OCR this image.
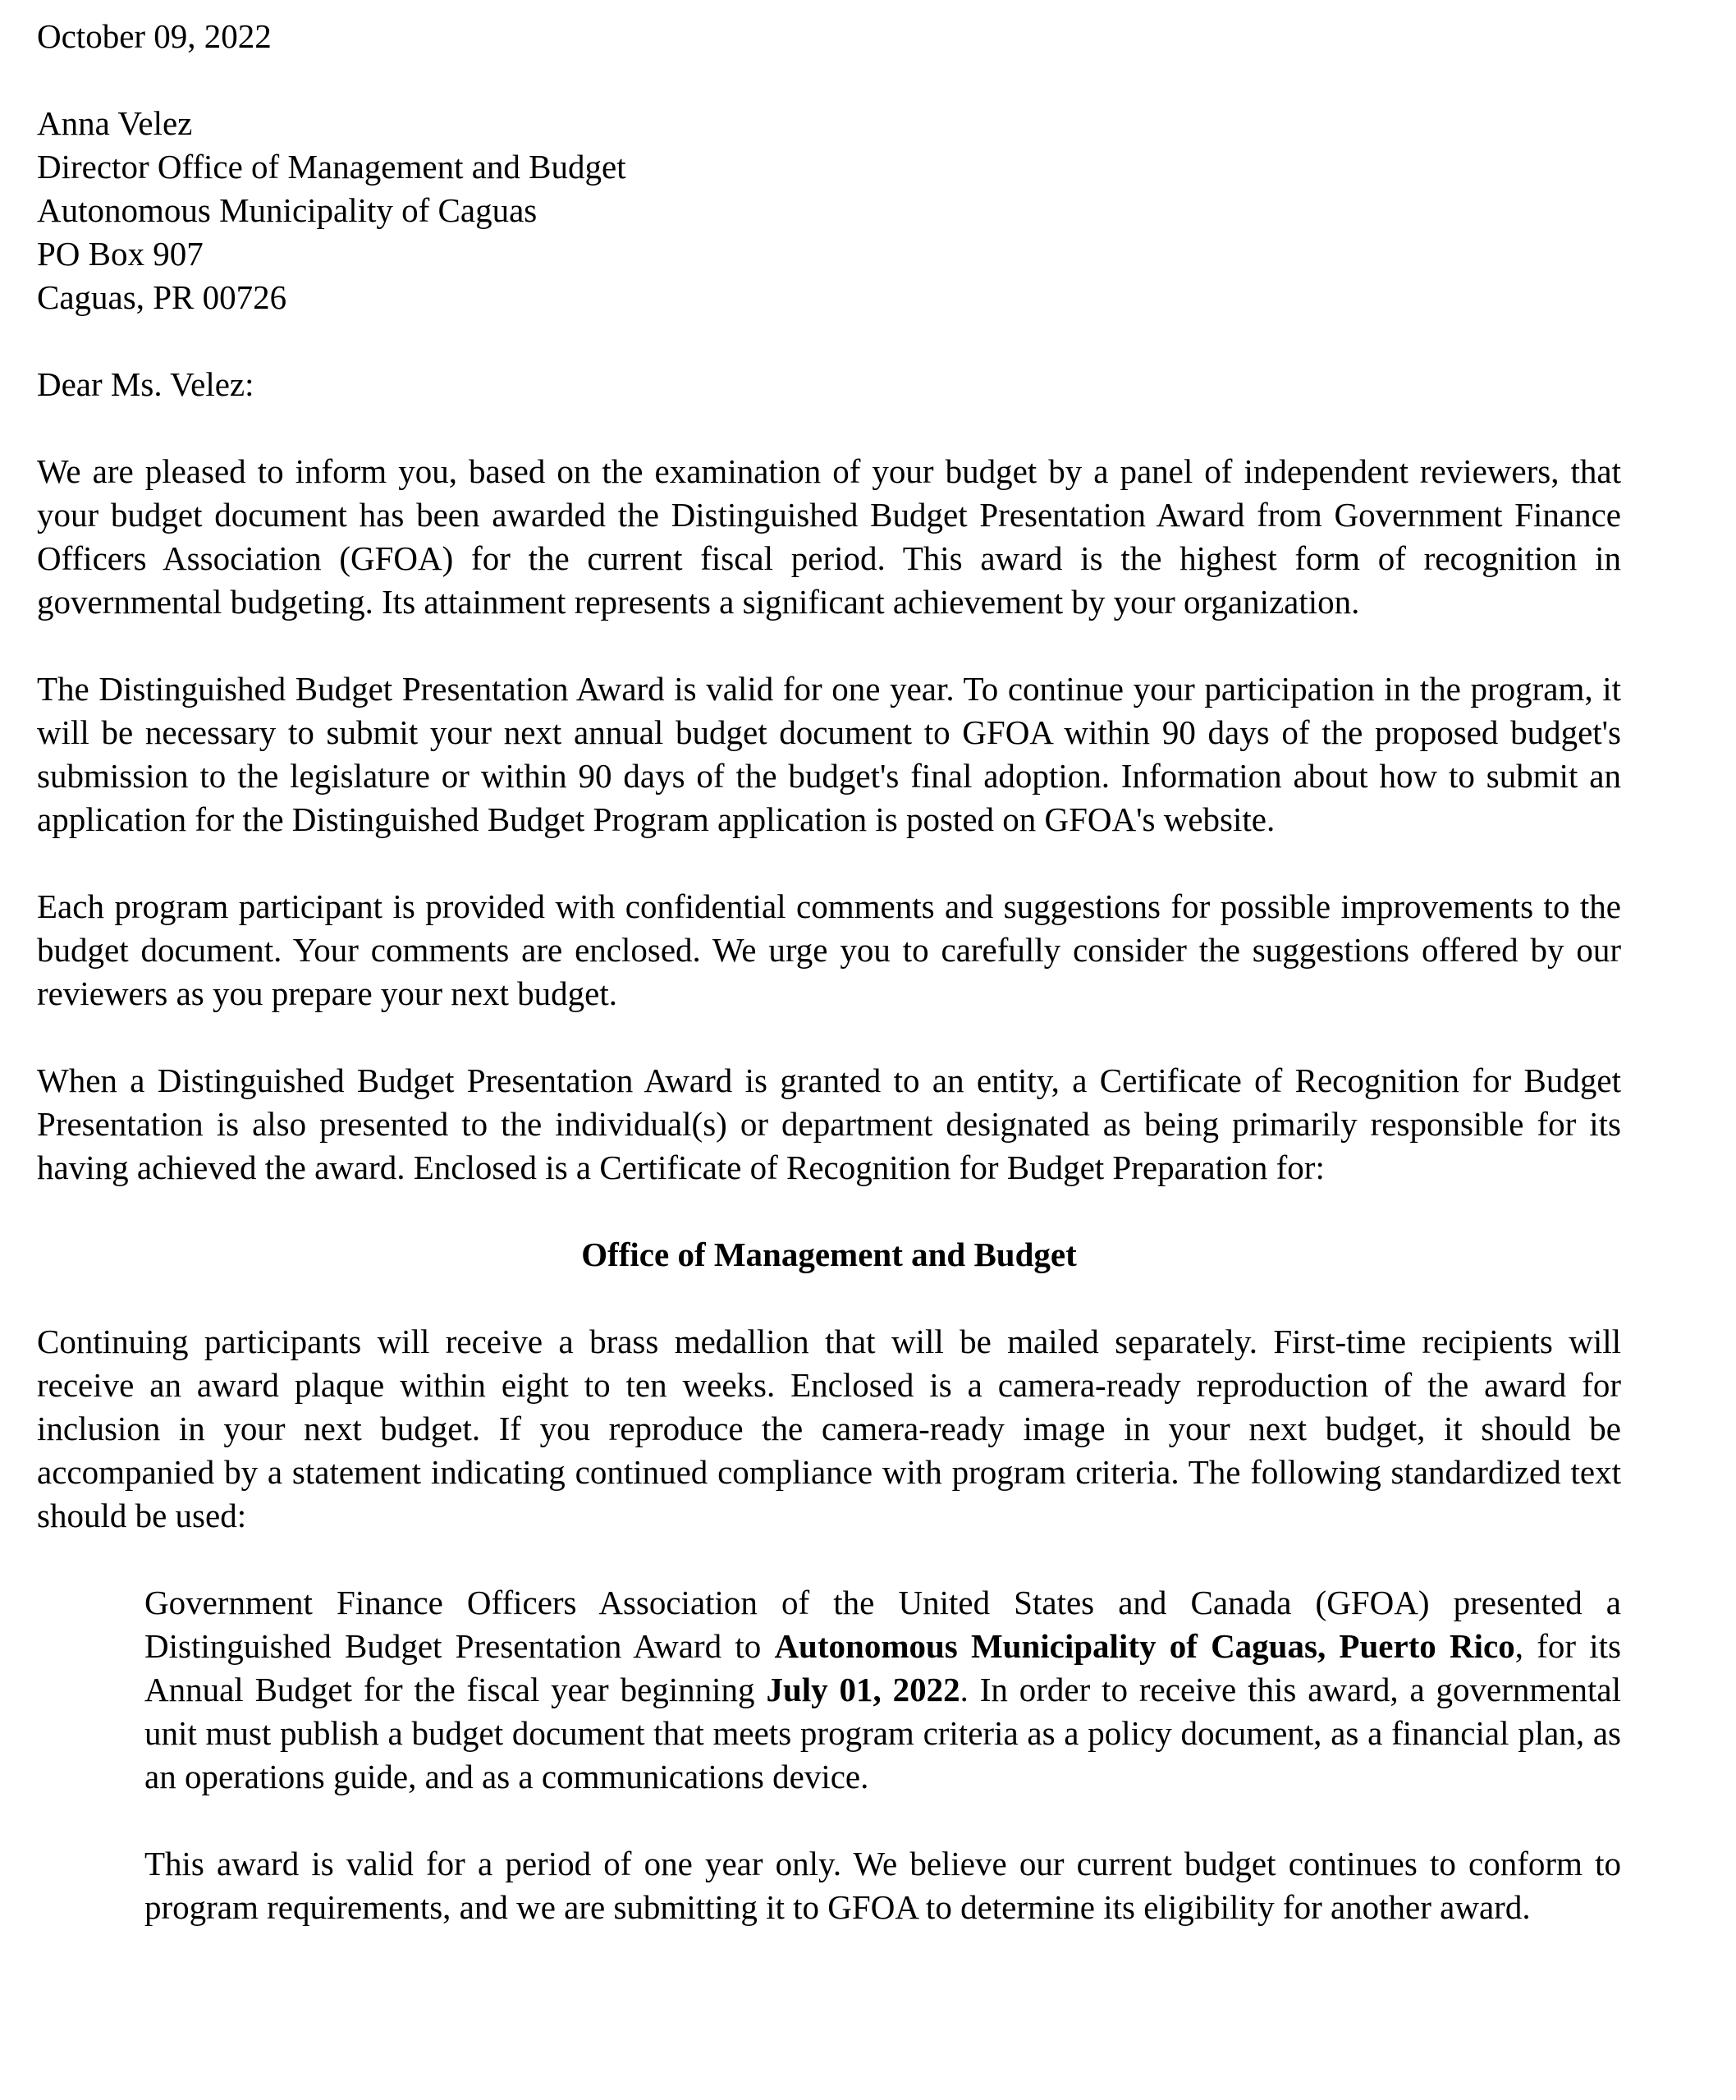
October 09, 2022
Anna Velez
Director Office of Management and Budget
Autonomous Municipality of Caguas
PO Box 907
Caguas, PR 00726
Dear Ms. Velez:

We are pleased to inform you, based on the examination of your budget by a panel of independent reviewers, that your budget document has been awarded the Distinguished Budget Presentation Award from Government Finance Officers Association (GFOA) for the current fiscal period. This award is the highest form of recognition in governmental budgeting. Its attainment represents a significant achievement by your organization.

The Distinguished Budget Presentation Award is valid for one year. To continue your participation in the program, it will be necessary to submit your next annual budget document to GFOA within 90 days of the proposed budget's submission to the legislature or within 90 days of the budget's final adoption. Information about how to submit an application for the Distinguished Budget Program application is posted on GFOA's website.

Each program participant is provided with confidential comments and suggestions for possible improvements to the budget document. Your comments are enclosed. We urge you to carefully consider the suggestions offered by our reviewers as you prepare your next budget.

When a Distinguished Budget Presentation Award is granted to an entity, a Certificate of Recognition for Budget Presentation is also presented to the individual(s) or department designated as being primarily responsible for its having achieved the award. Enclosed is a Certificate of Recognition for Budget Preparation for:

Office of Management and Budget

Continuing participants will receive a brass medallion that will be mailed separately. First-time recipients will receive an award plaque within eight to ten weeks. Enclosed is a camera-ready reproduction of the award for inclusion in your next budget. If you reproduce the camera-ready image in your next budget, it should be accompanied by a statement indicating continued compliance with program criteria. The following standardized text should be used:

Government Finance Officers Association of the United States and Canada (GFOA) presented a Distinguished Budget Presentation Award to Autonomous Municipality of Caguas, Puerto Rico, for its Annual Budget for the fiscal year beginning July 01, 2022. In order to receive this award, a governmental unit must publish a budget document that meets program criteria as a policy document, as a financial plan, as an operations guide, and as a communications device.

This award is valid for a period of one year only. We believe our current budget continues to conform to program requirements, and we are submitting it to GFOA to determine its eligibility for another award.
